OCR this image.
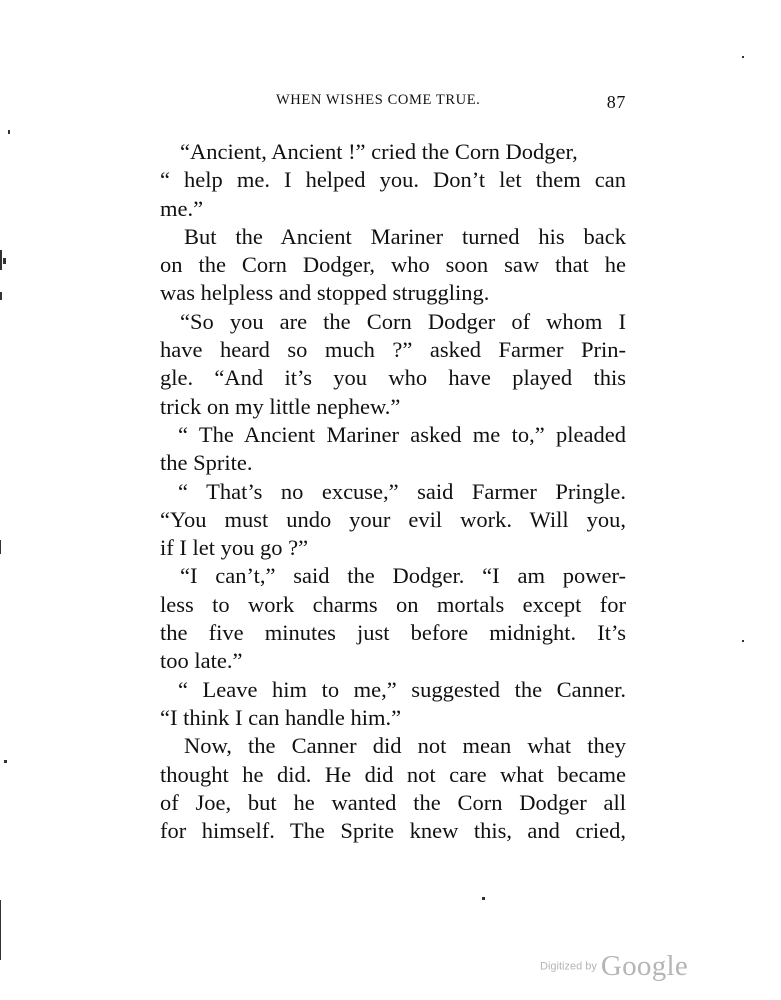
WHEN WISHES COME TRUE.	87
“Ancient, Ancient !” cried the Corn Dodger,
“ help me. I helped you. Don’t let them can
me.”
But the Ancient Mariner turned his back
on the Corn Dodger, who soon saw that he
was helpless and stopped struggling.
“So you are the Corn Dodger of whom I
have heard so much ?” asked Farmer Prin-
gle. “And it’s you who have played this
trick on my little nephew.”
“ The Ancient Mariner asked me to,” pleaded
the Sprite.
“ That’s no excuse,” said Farmer Pringle.
“You must undo your evil work. Will you,
if I let you go ?”
“I can’t,” said the Dodger. “I am power-
less to work charms on mortals except for
the five minutes just before midnight. It’s
too late.”
“ Leave him to me,” suggested the Canner.
“I think I can handle him.”
Now, the Canner did not mean what they
thought he did. He did not care what became
of Joe, but he wanted the Corn Dodger all
for himself. The Sprite knew this, and cried,
Digitized by Google
